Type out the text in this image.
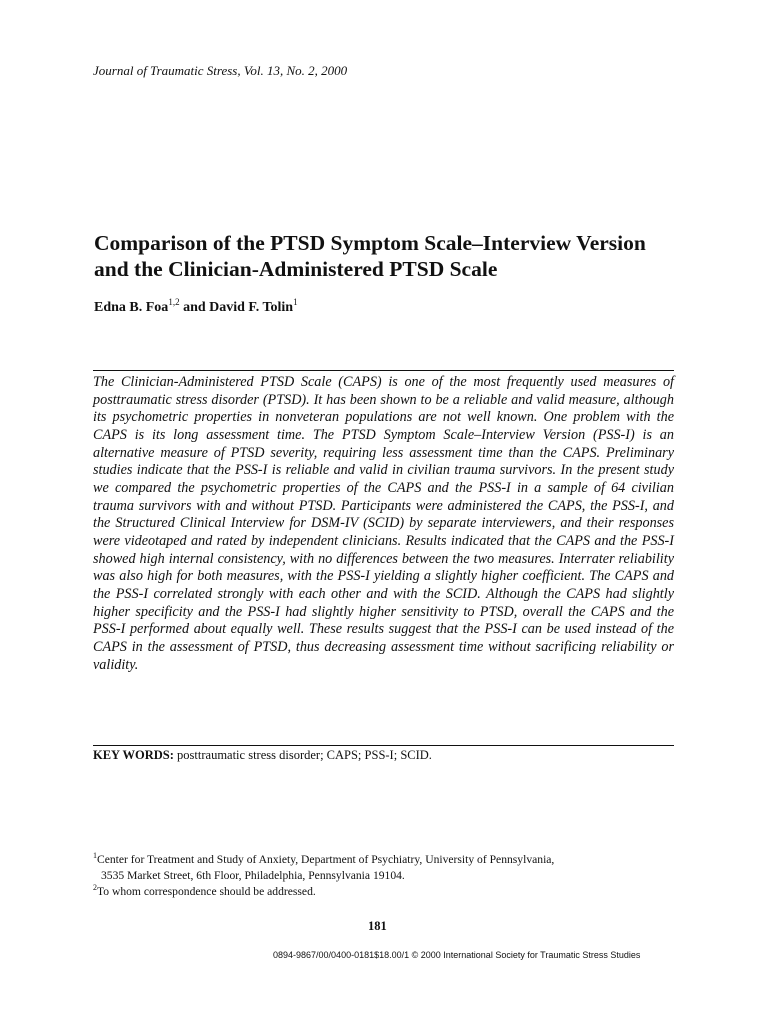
Journal of Traumatic Stress, Vol. 13, No. 2, 2000
Comparison of the PTSD Symptom Scale–Interview Version and the Clinician-Administered PTSD Scale
Edna B. Foa$^{1,2}$ and David F. Tolin$^1$

The Clinician-Administered PTSD Scale (CAPS) is one of the most frequently used measures of posttraumatic stress disorder (PTSD). It has been shown to be a reliable and valid measure, although its psychometric properties in nonveteran populations are not well known. One problem with the CAPS is its long assessment time. The PTSD Symptom Scale–Interview Version (PSS-I) is an alternative measure of PTSD severity, requiring less assessment time than the CAPS. Preliminary studies indicate that the PSS-I is reliable and valid in civilian trauma survivors. In the present study we compared the psychometric properties of the CAPS and the PSS-I in a sample of 64 civilian trauma survivors with and without PTSD. Participants were administered the CAPS, the PSS-I, and the Structured Clinical Interview for DSM-IV (SCID) by separate interviewers, and their responses were videotaped and rated by independent clinicians. Results indicated that the CAPS and the PSS-I showed high internal consistency, with no differences between the two measures. Interrater reliability was also high for both measures, with the PSS-I yielding a slightly higher coefficient. The CAPS and the PSS-I correlated strongly with each other and with the SCID. Although the CAPS had slightly higher specificity and the PSS-I had slightly higher sensitivity to PTSD, overall the CAPS and the PSS-I performed about equally well. These results suggest that the PSS-I can be used instead of the CAPS in the assessment of PTSD, thus decreasing assessment time without sacrificing reliability or validity.

KEY WORDS: posttraumatic stress disorder; CAPS; PSS-I; SCID.
$^1$Center for Treatment and Study of Anxiety, Department of Psychiatry, University of Pennsylvania,
3535 Market Street, 6th Floor, Philadelphia, Pennsylvania 19104.
$^2$To whom correspondence should be addressed.
181
0894-9867/00/0400-0181$18.00/1 © 2000 International Society for Traumatic Stress Studies
